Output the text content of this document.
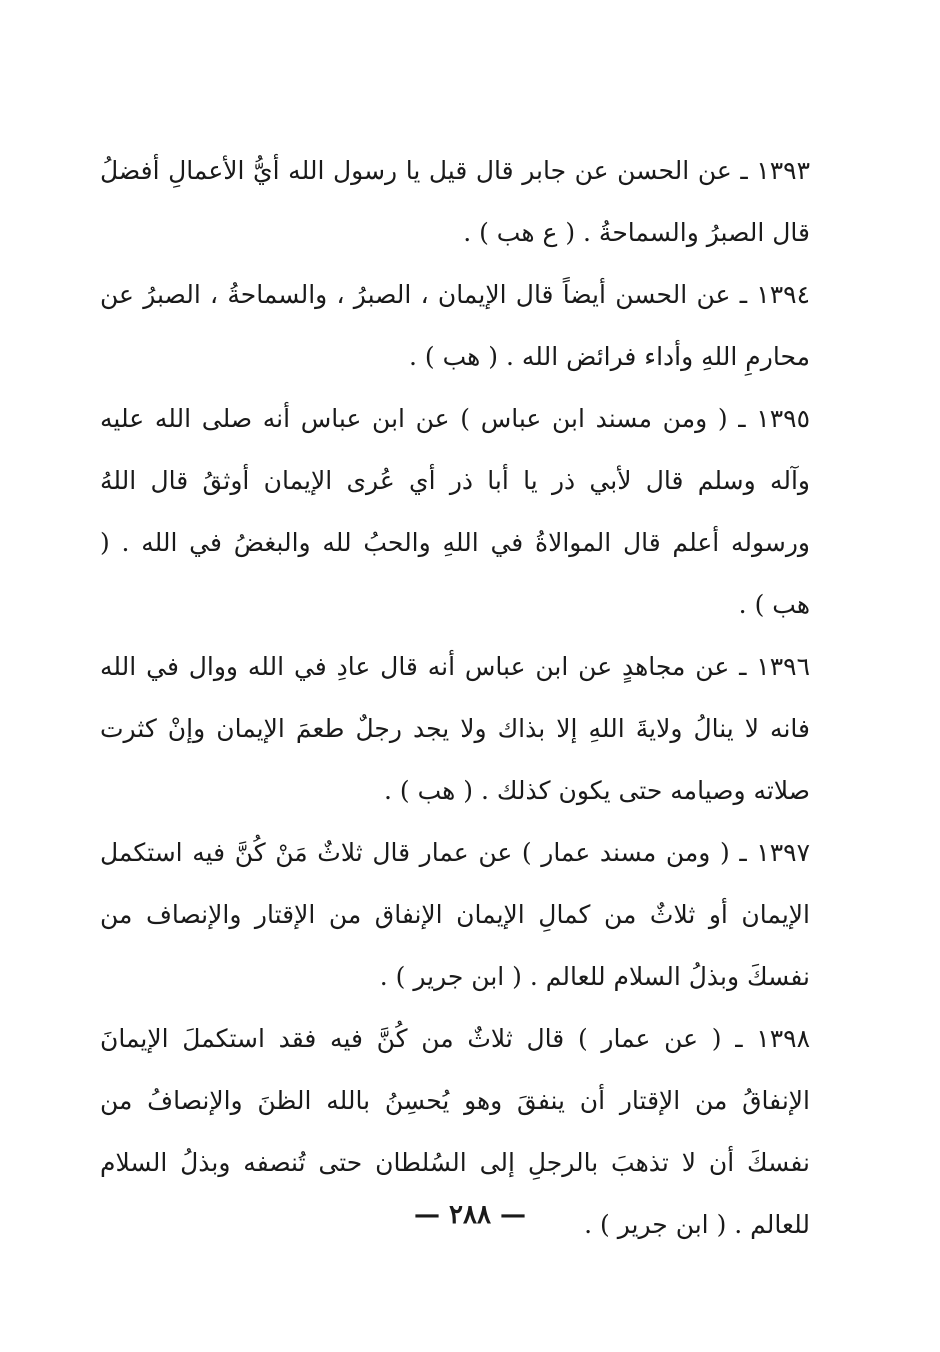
١٣٩٣ ـ عن الحسن عن جابر قال قيل يا رسول الله أيُّ الأعمالِ أفضلُ قال الصبرُ والسماحةُ . ( ع هب ) .

١٣٩٤ ـ عن الحسن أيضاً قال الإيمان ، الصبرُ ، والسماحةُ ، الصبرُ عن محارمِ اللهِ وأداء فرائض الله . ( هب ) .

١٣٩٥ ـ ( ومن مسند ابن عباس ) عن ابن عباس أنه صلى الله عليه وآله وسلم قال لأبي ذر يا أبا ذر أي عُرى الإيمان أوثقُ قال اللهُ ورسوله أعلم قال الموالاةُ في اللهِ والحبُ لله والبغضُ في الله . ( هب ) .

١٣٩٦ ـ عن مجاهدٍ عن ابن عباس أنه قال عادِ في الله ووال في الله فانه لا ينالُ ولايةَ اللهِ إلا بذاك ولا يجد رجلٌ طعمَ الإيمان وإنْ كثرت صلاته وصيامه حتى يكون كذلك . ( هب ) .

١٣٩٧ ـ ( ومن مسند عمار ) عن عمار قال ثلاثٌ مَنْ كُنَّ فيه استكمل الإيمان أو ثلاثٌ من كمالِ الإيمان الإنفاق من الإقتار والإنصاف من نفسكَ وبذلُ السلام للعالم . ( ابن جرير ) .

١٣٩٨ ـ ( عن عمار ) قال ثلاثٌ من كُنَّ فيه فقد استكملَ الإيمانَ الإنفاقُ من الإقتار أن ينفقَ وهو يُحسِنُ بالله الظنَ والإنصافُ من نفسكَ أن لا تذهبَ بالرجلِ إلى السُلطان حتى تُنصفه وبذلُ السلام للعالم . ( ابن جرير ) .

— ٢٨٨ —
